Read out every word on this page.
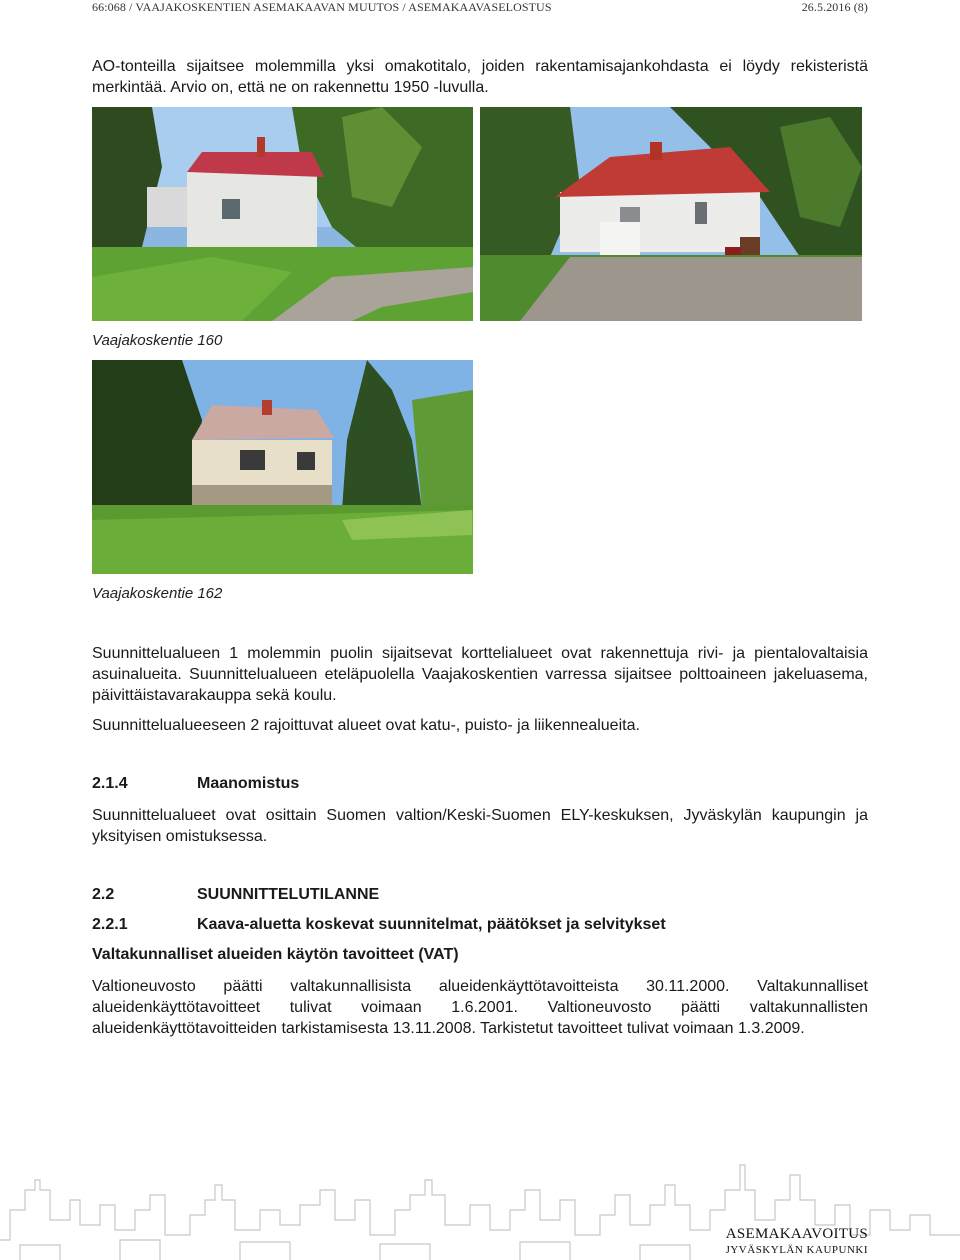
66:068 / VAAJAKOSKENTIEN ASEMAKAAVAN MUUTOS / ASEMAKAAVASELOSTUS	26.5.2016 (8)

AO-tonteilla sijaitsee molemmilla yksi omakotitalo, joiden rakentamisajankohdasta ei löydy rekisteristä merkintää. Arvio on, että ne on rakennettu 1950 -luvulla.

Vaajakoskentie 160
Vaajakoskentie 162

Suunnittelualueen 1 molemmin puolin sijaitsevat korttelialueet ovat rakennettuja rivi- ja pientalovaltaisia asuinalueita. Suunnittelualueen eteläpuolella Vaajakoskentien varressa sijaitsee polttoaineen jakeluasema, päivittäistavarakauppa sekä koulu.

Suunnittelualueeseen 2 rajoittuvat alueet ovat katu-, puisto- ja liikennealueita.

2.1.4	Maanomistus

Suunnittelualueet ovat osittain Suomen valtion/Keski-Suomen ELY-keskuksen, Jyväskylän kaupungin ja yksityisen omistuksessa.

2.2	SUUNNITTELUTILANNE
2.2.1	Kaava-aluetta koskevat suunnitelmat, päätökset ja selvitykset
Valtakunnalliset alueiden käytön tavoitteet (VAT)

Valtioneuvosto päätti valtakunnallisista alueidenkäyttötavoitteista 30.11.2000. Valtakunnalliset alueidenkäyttötavoitteet tulivat voimaan 1.6.2001. Valtioneuvosto päätti valtakunnallisten alueidenkäyttötavoitteiden tarkistamisesta 13.11.2008. Tarkistetut tavoitteet tulivat voimaan 1.3.2009.

ASEMAKAAVOITUS
JYVÄSKYLÄN KAUPUNKI
